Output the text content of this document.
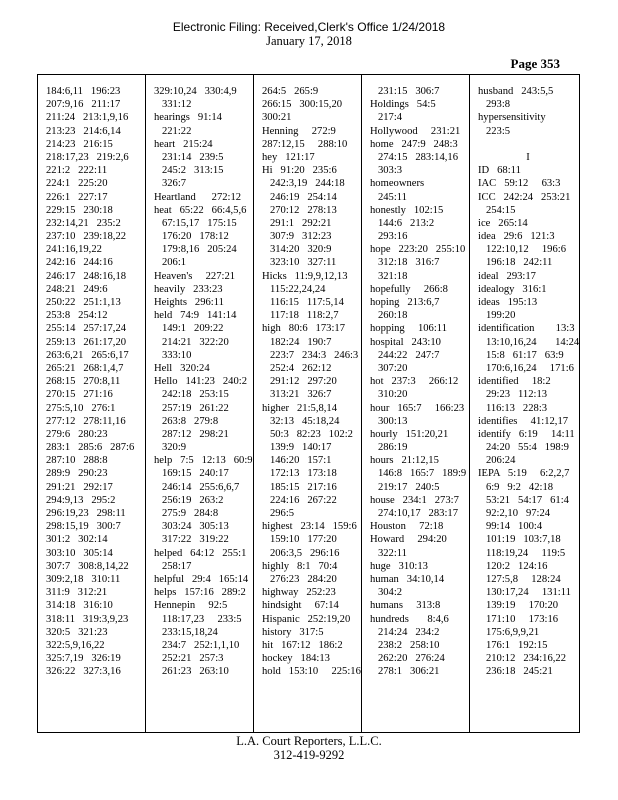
Electronic Filing: Received,Clerk's Office 1/24/2018
January 17, 2018
Page 353
184:6,11   196:23
207:9,16   211:17
211:24   213:1,9,16
213:23   214:6,14
214:23   216:15
218:17,23   219:2,6
221:2   222:11
224:1   225:20
226:1   227:17
229:15   230:18
232:14,21   235:2
237:10   239:18,22
241:16,19,22
242:16   244:16
246:17   248:16,18
248:21   249:6
250:22   251:1,13
253:8   254:12
255:14   257:17,24
259:13   261:17,20
263:6,21   265:6,17
265:21   268:1,4,7
268:15   270:8,11
270:15   271:16
275:5,10   276:1
277:12   278:11,16
279:6   280:23
283:1   285:6   287:6
287:10   288:8
289:9   290:23
291:21   292:17
294:9,13   295:2
296:19,23   298:11
298:15,19   300:7
301:2   302:14
303:10   305:14
307:7   308:8,14,22
309:2,18   310:11
311:9   312:21
314:18   316:10
318:11   319:3,9,23
320:5   321:23
322:5,9,16,22
325:7,19   326:19
326:22   327:3,16
329:10,24   330:4,9
331:12
hearings   91:14
221:22
heart   215:24
231:14   239:5
245:2   313:15
326:7
Heartland      272:12
heat   65:22   66:4,5,6
67:15,17   175:15
176:20   178:12
179:8,16   205:24
206:1
Heaven's     227:21
heavily   233:23
Heights   296:11
held   74:9   141:14
149:1   209:22
214:21   322:20
333:10
Hell   320:24
Hello   141:23   240:2
242:18   253:15
257:19   261:22
263:8   279:8
287:12   298:21
320:9
help   7:5   12:13   60:9
169:15   240:17
246:14   255:6,6,7
256:19   263:2
275:9   284:8
303:24   305:13
317:22   319:22
helped   64:12   255:1
258:17
helpful   29:4   165:14
helps   157:16   289:2
Hennepin     92:5
118:17,23     233:5
233:15,18,24
234:7   252:1,1,10
252:21   257:3
261:23   263:10
264:5   265:9
266:15   300:15,20
300:21
Henning     272:9
287:12,15     288:10
hey   121:17
Hi   91:20   235:6
242:3,19   244:18
246:19   254:14
270:12   278:13
291:1   292:21
307:9   312:23
314:20   320:9
323:10   327:11
Hicks   11:9,9,12,13
115:22,24,24
116:15   117:5,14
117:18   118:2,7
high   80:6   173:17
182:24   190:7
223:7   234:3   246:3
252:4   262:12
291:12   297:20
313:21   326:7
higher   21:5,8,14
32:13   45:18,24
50:3   82:23   102:2
139:9   140:17
146:20   157:1
172:13   173:18
185:15   217:16
224:16   267:22
296:5
highest   23:14   159:6
159:10   177:20
206:3,5   296:16
highly   8:1   70:4
276:23   284:20
highway   252:23
hindsight     67:14
Hispanic   252:19,20
history   317:5
hit   167:12   186:2
hockey   184:13
hold   153:10     225:16
231:15   306:7
Holdings   54:5
217:4
Hollywood     231:21
home   247:9   248:3
274:15   283:14,16
303:3
homeowners
245:11
honestly   102:15
144:6   213:2
293:16
hope   223:20   255:10
312:18   316:7
321:18
hopefully     266:8
hoping   213:6,7
260:18
hopping     106:11
hospital   243:10
244:22   247:7
307:20
hot   237:3     266:12
310:20
hour   165:7     166:23
300:13
hourly   151:20,21
286:19
hours   21:12,15
146:8   165:7   189:9
219:17   240:5
house   234:1   273:7
274:10,17   283:17
Houston     72:18
Howard     294:20
322:11
huge   310:13
human   34:10,14
304:2
humans     313:8
hundreds       8:4,6
214:24   234:2
238:2   258:10
262:20   276:24
278:1   306:21
husband   243:5,5
293:8
hypersensitivity
223:5
I
ID   68:11
IAC   59:12     63:3
ICC   242:24   253:21
254:15
ice   265:14
idea   29:6   121:3
122:10,12     196:6
196:18   242:11
ideal   293:17
idealogy   316:1
ideas   195:13
199:20
identification        13:3
13:10,16,24       14:24
15:8   61:17   63:9
170:6,16,24     171:6
identified     18:2
29:23   112:13
116:13   228:3
identifies     41:12,17
identify   6:19     14:11
24:20   55:4   198:9
206:24
IEPA   5:19     6:2,2,7
6:9   9:2   42:18
53:21   54:17   61:4
92:2,10   97:24
99:14   100:4
101:19   103:7,18
118:19,24     119:5
120:2   124:16
127:5,8     128:24
130:17,24     131:11
139:19     170:20
171:10     173:16
175:6,9,9,21
176:1   192:15
210:12   234:16,22
236:18   245:21
L.A. Court Reporters, L.L.C.
312-419-9292
